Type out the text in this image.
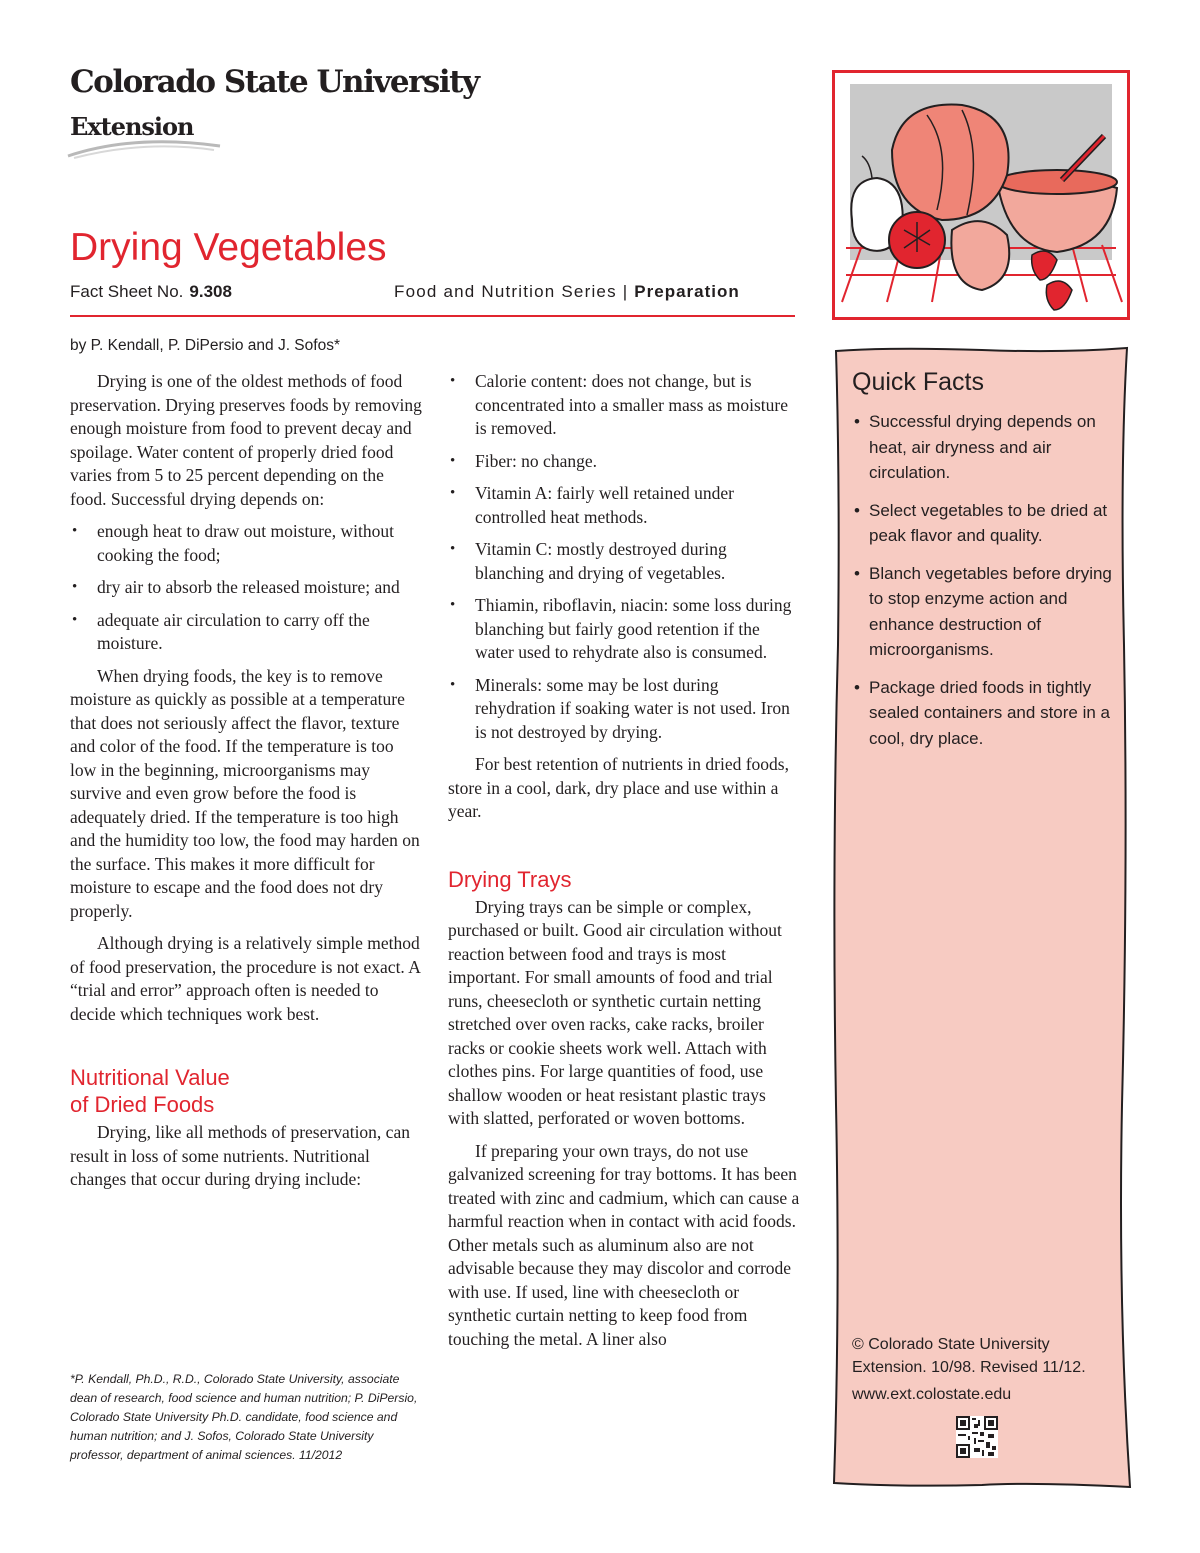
Colorado State University
Extension
Drying Vegetables
Fact Sheet No. 9.308	Food and Nutrition Series | Preparation
by P. Kendall, P. DiPersio and J. Sofos*

Drying is one of the oldest methods of food preservation. Drying preserves foods by removing enough moisture from food to prevent decay and spoilage. Water content of properly dried food varies from 5 to 25 percent depending on the food. Successful drying depends on:

• enough heat to draw out moisture, without cooking the food;
• dry air to absorb the released moisture; and
• adequate air circulation to carry off the moisture.

When drying foods, the key is to remove moisture as quickly as possible at a temperature that does not seriously affect the flavor, texture and color of the food. If the temperature is too low in the beginning, microorganisms may survive and even grow before the food is adequately dried. If the temperature is too high and the humidity too low, the food may harden on the surface. This makes it more difficult for moisture to escape and the food does not dry properly.

Although drying is a relatively simple method of food preservation, the procedure is not exact. A “trial and error” approach often is needed to decide which techniques work best.

Nutritional Value
of Dried Foods

Drying, like all methods of preservation, can result in loss of some nutrients. Nutritional changes that occur during drying include:

• Calorie content: does not change, but is concentrated into a smaller mass as moisture is removed.
• Fiber: no change.
• Vitamin A: fairly well retained under controlled heat methods.
• Vitamin C: mostly destroyed during blanching and drying of vegetables.
• Thiamin, riboflavin, niacin: some loss during blanching but fairly good retention if the water used to rehydrate also is consumed.
• Minerals: some may be lost during rehydration if soaking water is not used. Iron is not destroyed by drying.

For best retention of nutrients in dried foods, store in a cool, dark, dry place and use within a year.

Drying Trays

Drying trays can be simple or complex, purchased or built. Good air circulation without reaction between food and trays is most important. For small amounts of food and trial runs, cheesecloth or synthetic curtain netting stretched over oven racks, cake racks, broiler racks or cookie sheets work well. Attach with clothes pins. For large quantities of food, use shallow wooden or heat resistant plastic trays with slatted, perforated or woven bottoms.

If preparing your own trays, do not use galvanized screening for tray bottoms. It has been treated with zinc and cadmium, which can cause a harmful reaction when in contact with acid foods. Other metals such as aluminum also are not advisable because they may discolor and corrode with use. If used, line with cheesecloth or synthetic curtain netting to keep food from touching the metal. A liner also

*P. Kendall, Ph.D., R.D., Colorado State University, associate dean of research, food science and human nutrition; P. DiPersio, Colorado State University Ph.D. candidate, food science and human nutrition; and J. Sofos, Colorado State University professor, department of animal sciences. 11/2012
Quick Facts
• Successful drying depends on heat, air dryness and air circulation.
• Select vegetables to be dried at peak flavor and quality.
• Blanch vegetables before drying to stop enzyme action and enhance destruction of microorganisms.
• Package dried foods in tightly sealed containers and store in a cool, dry place.
© Colorado State University Extension. 10/98. Revised 11/12.
www.ext.colostate.edu
